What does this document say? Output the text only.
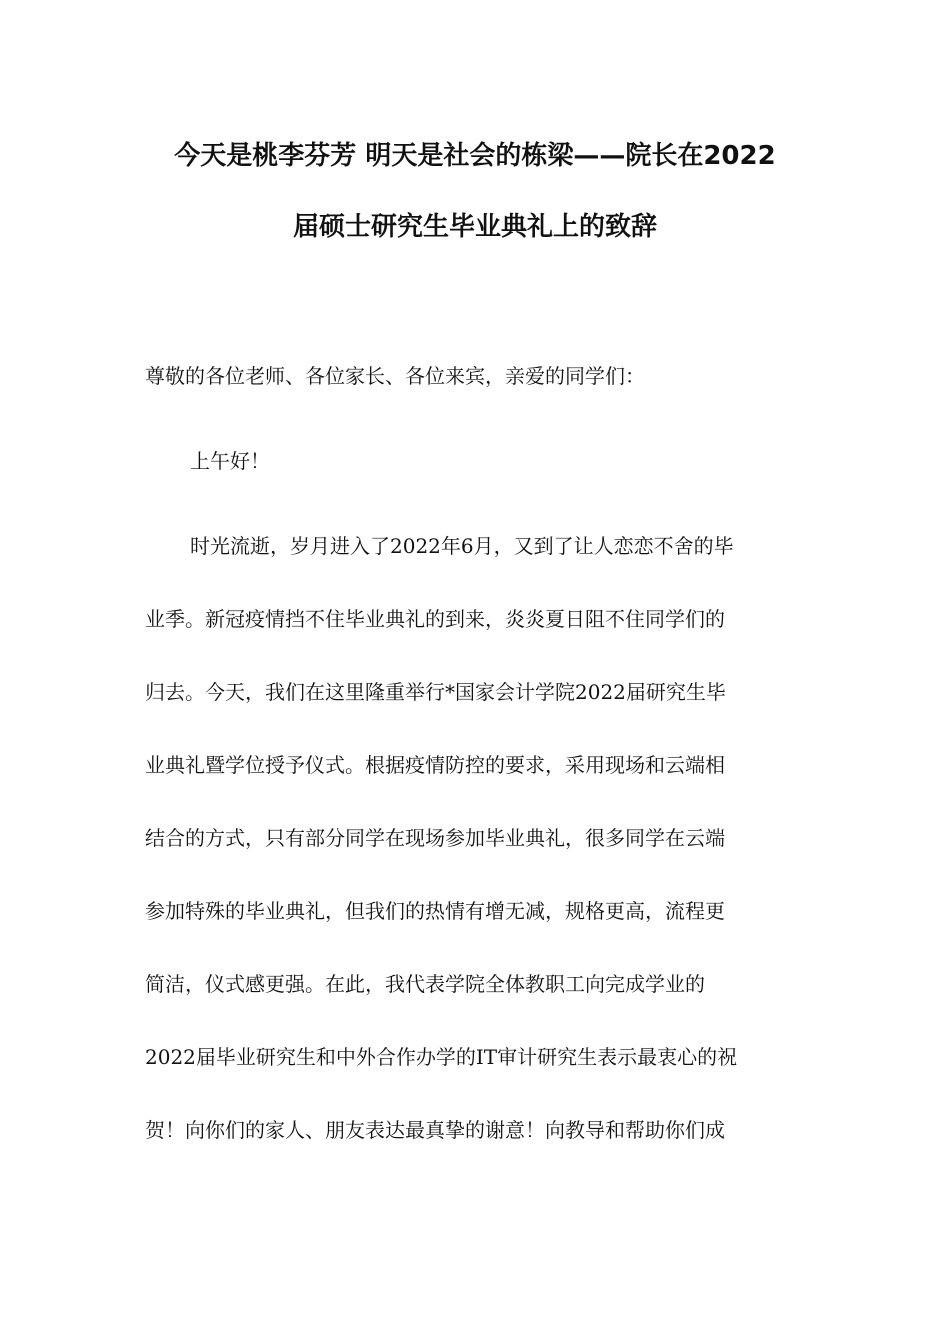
今天是桃李芬芳 明天是社会的栋梁——院长在2022
届硕士研究生毕业典礼上的致辞

尊敬的各位老师、各位家长、各位来宾，亲爱的同学们：

上午好！

时光流逝，岁月进入了2022年6月，又到了让人恋恋不舍的毕

业季。新冠疫情挡不住毕业典礼的到来，炎炎夏日阻不住同学们的

归去。今天，我们在这里隆重举行*国家会计学院2022届研究生毕

业典礼暨学位授予仪式。根据疫情防控的要求，采用现场和云端相

结合的方式，只有部分同学在现场参加毕业典礼，很多同学在云端

参加特殊的毕业典礼，但我们的热情有增无减，规格更高，流程更

简洁，仪式感更强。在此，我代表学院全体教职工向完成学业的

2022届毕业研究生和中外合作办学的IT审计研究生表示最衷心的祝

贺！向你们的家人、朋友表达最真挚的谢意！向教导和帮助你们成
